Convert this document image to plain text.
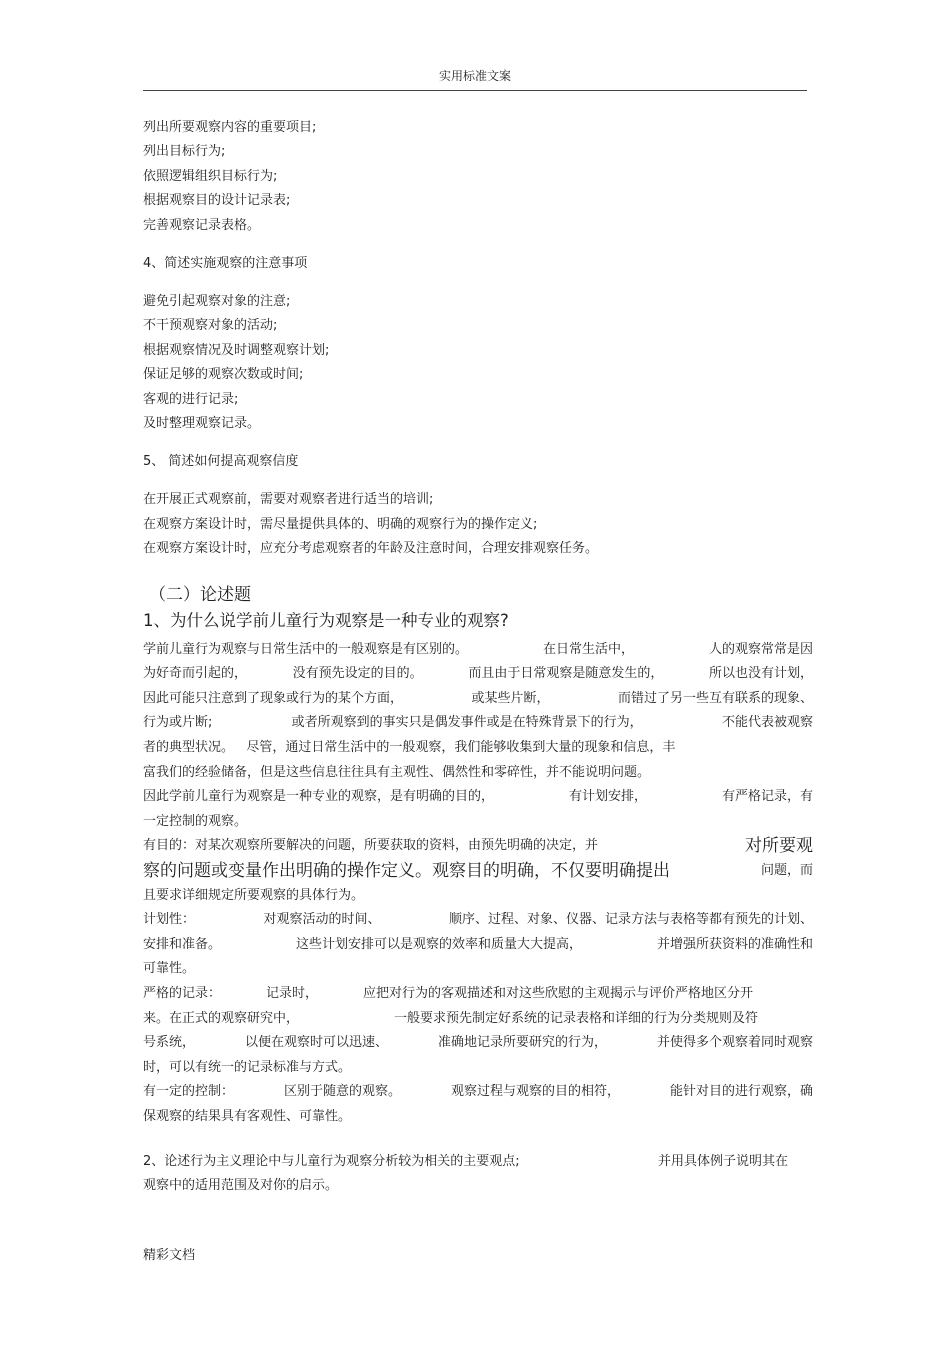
实用标准文案
列出所要观察内容的重要项目;
列出目标行为;
依照逻辑组织目标行为;
根据观察目的设计记录表;
完善观察记录表格。
4、简述实施观察的注意事项
避免引起观察对象的注意;
不干预观察对象的活动;
根据观察情况及时调整观察计划;
保证足够的观察次数或时间;
客观的进行记录;
及时整理观察记录。
5、 简述如何提高观察信度
在开展正式观察前，需要对观察者进行适当的培训;
在观察方案设计时，需尽量提供具体的、明确的观察行为的操作定义;
在观察方案设计时，应充分考虑观察者的年龄及注意时间，合理安排观察任务。
（二）论述题
1、为什么说学前儿童行为观察是一种专业的观察?
学前儿童行为观察与日常生活中的一般观察是有区别的。	在日常生活中，	人的观察常常是因
为好奇而引起的，	没有预先设定的目的。	而且由于日常观察是随意发生的，	所以也没有计划，
因此可能只注意到了现象或行为的某个方面，	或某些片断，	而错过了另一些互有联系的现象、
行为或片断;	或者所观察到的事实只是偶发事件或是在特殊背景下的行为，	不能代表被观察
者的典型状况。 尽管，通过日常生活中的一般观察，我们能够收集到大量的现象和信息，丰
富我们的经验储备，但是这些信息往往具有主观性、偶然性和零碎性，并不能说明问题。
因此学前儿童行为观察是一种专业的观察，是有明确的目的，	有计划安排，	有严格记录，有
一定控制的观察。
有目的：对某次观察所要解决的问题，所要获取的资料，由预先明确的决定，并	对所要观
察的问题或变量作出明确的操作定义。观察目的明确，不仅要明确提出	问题，而
且要求详细规定所要观察的具体行为。
计划性：	对观察活动的时间、	顺序、过程、对象、仪器、记录方法与表格等都有预先的计划、
安排和准备。	这些计划安排可以是观察的效率和质量大大提高，	并增强所获资料的准确性和
可靠性。
严格的记录：	记录时，	应把对行为的客观描述和对这些欣慰的主观揭示与评价严格地区分开
来。在正式的观察研究中，	一般要求预先制定好系统的记录表格和详细的行为分类规则及符
号系统，	以便在观察时可以迅速、	准确地记录所要研究的行为，	并使得多个观察着同时观察
时，可以有统一的记录标准与方式。
有一定的控制：	区别于随意的观察。	观察过程与观察的目的相符，	能针对目的进行观察，确
保观察的结果具有客观性、可靠性。
2、论述行为主义理论中与儿童行为观察分析较为相关的主要观点;	并用具体例子说明其在
观察中的适用范围及对你的启示。
精彩文档
